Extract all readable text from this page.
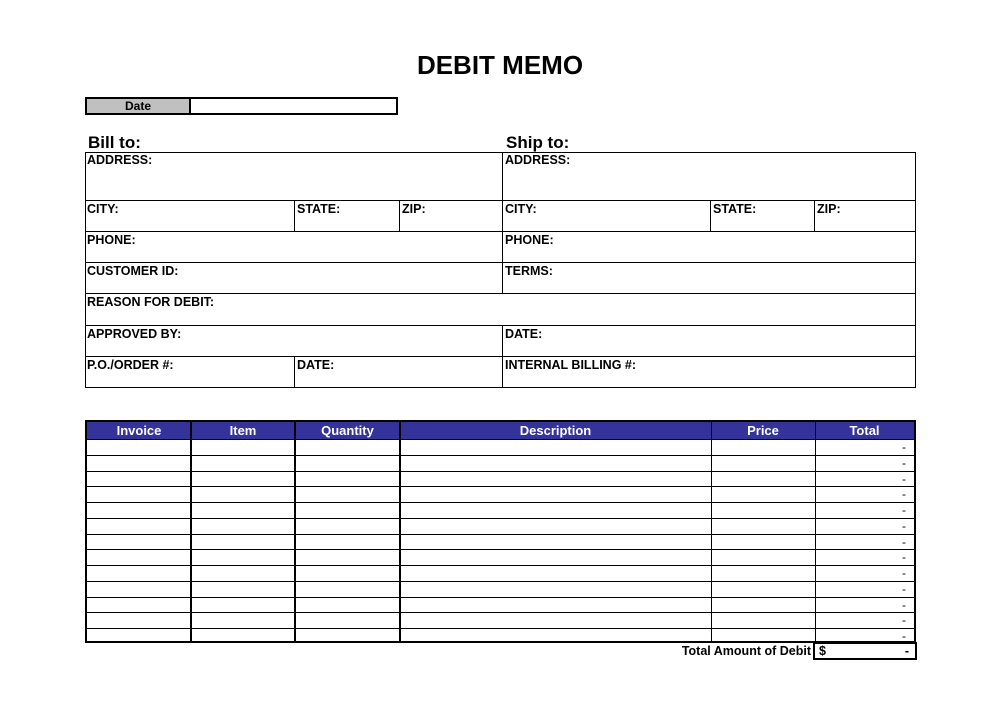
DEBIT MEMO
Date
Bill to:	Ship to:
ADDRESS:	ADDRESS:
CITY:	STATE:	ZIP:	CITY:	STATE:	ZIP:
PHONE:	PHONE:
CUSTOMER ID:	TERMS:
REASON FOR DEBIT:
APPROVED BY:	DATE:
P.O./ORDER #:	DATE:	INTERNAL BILLING #:
Invoice	Item	Quantity	Description	Price	Total
-
-
-
-
-
-
-
-
-
-
-
-
-
Total Amount of Debit $	-
